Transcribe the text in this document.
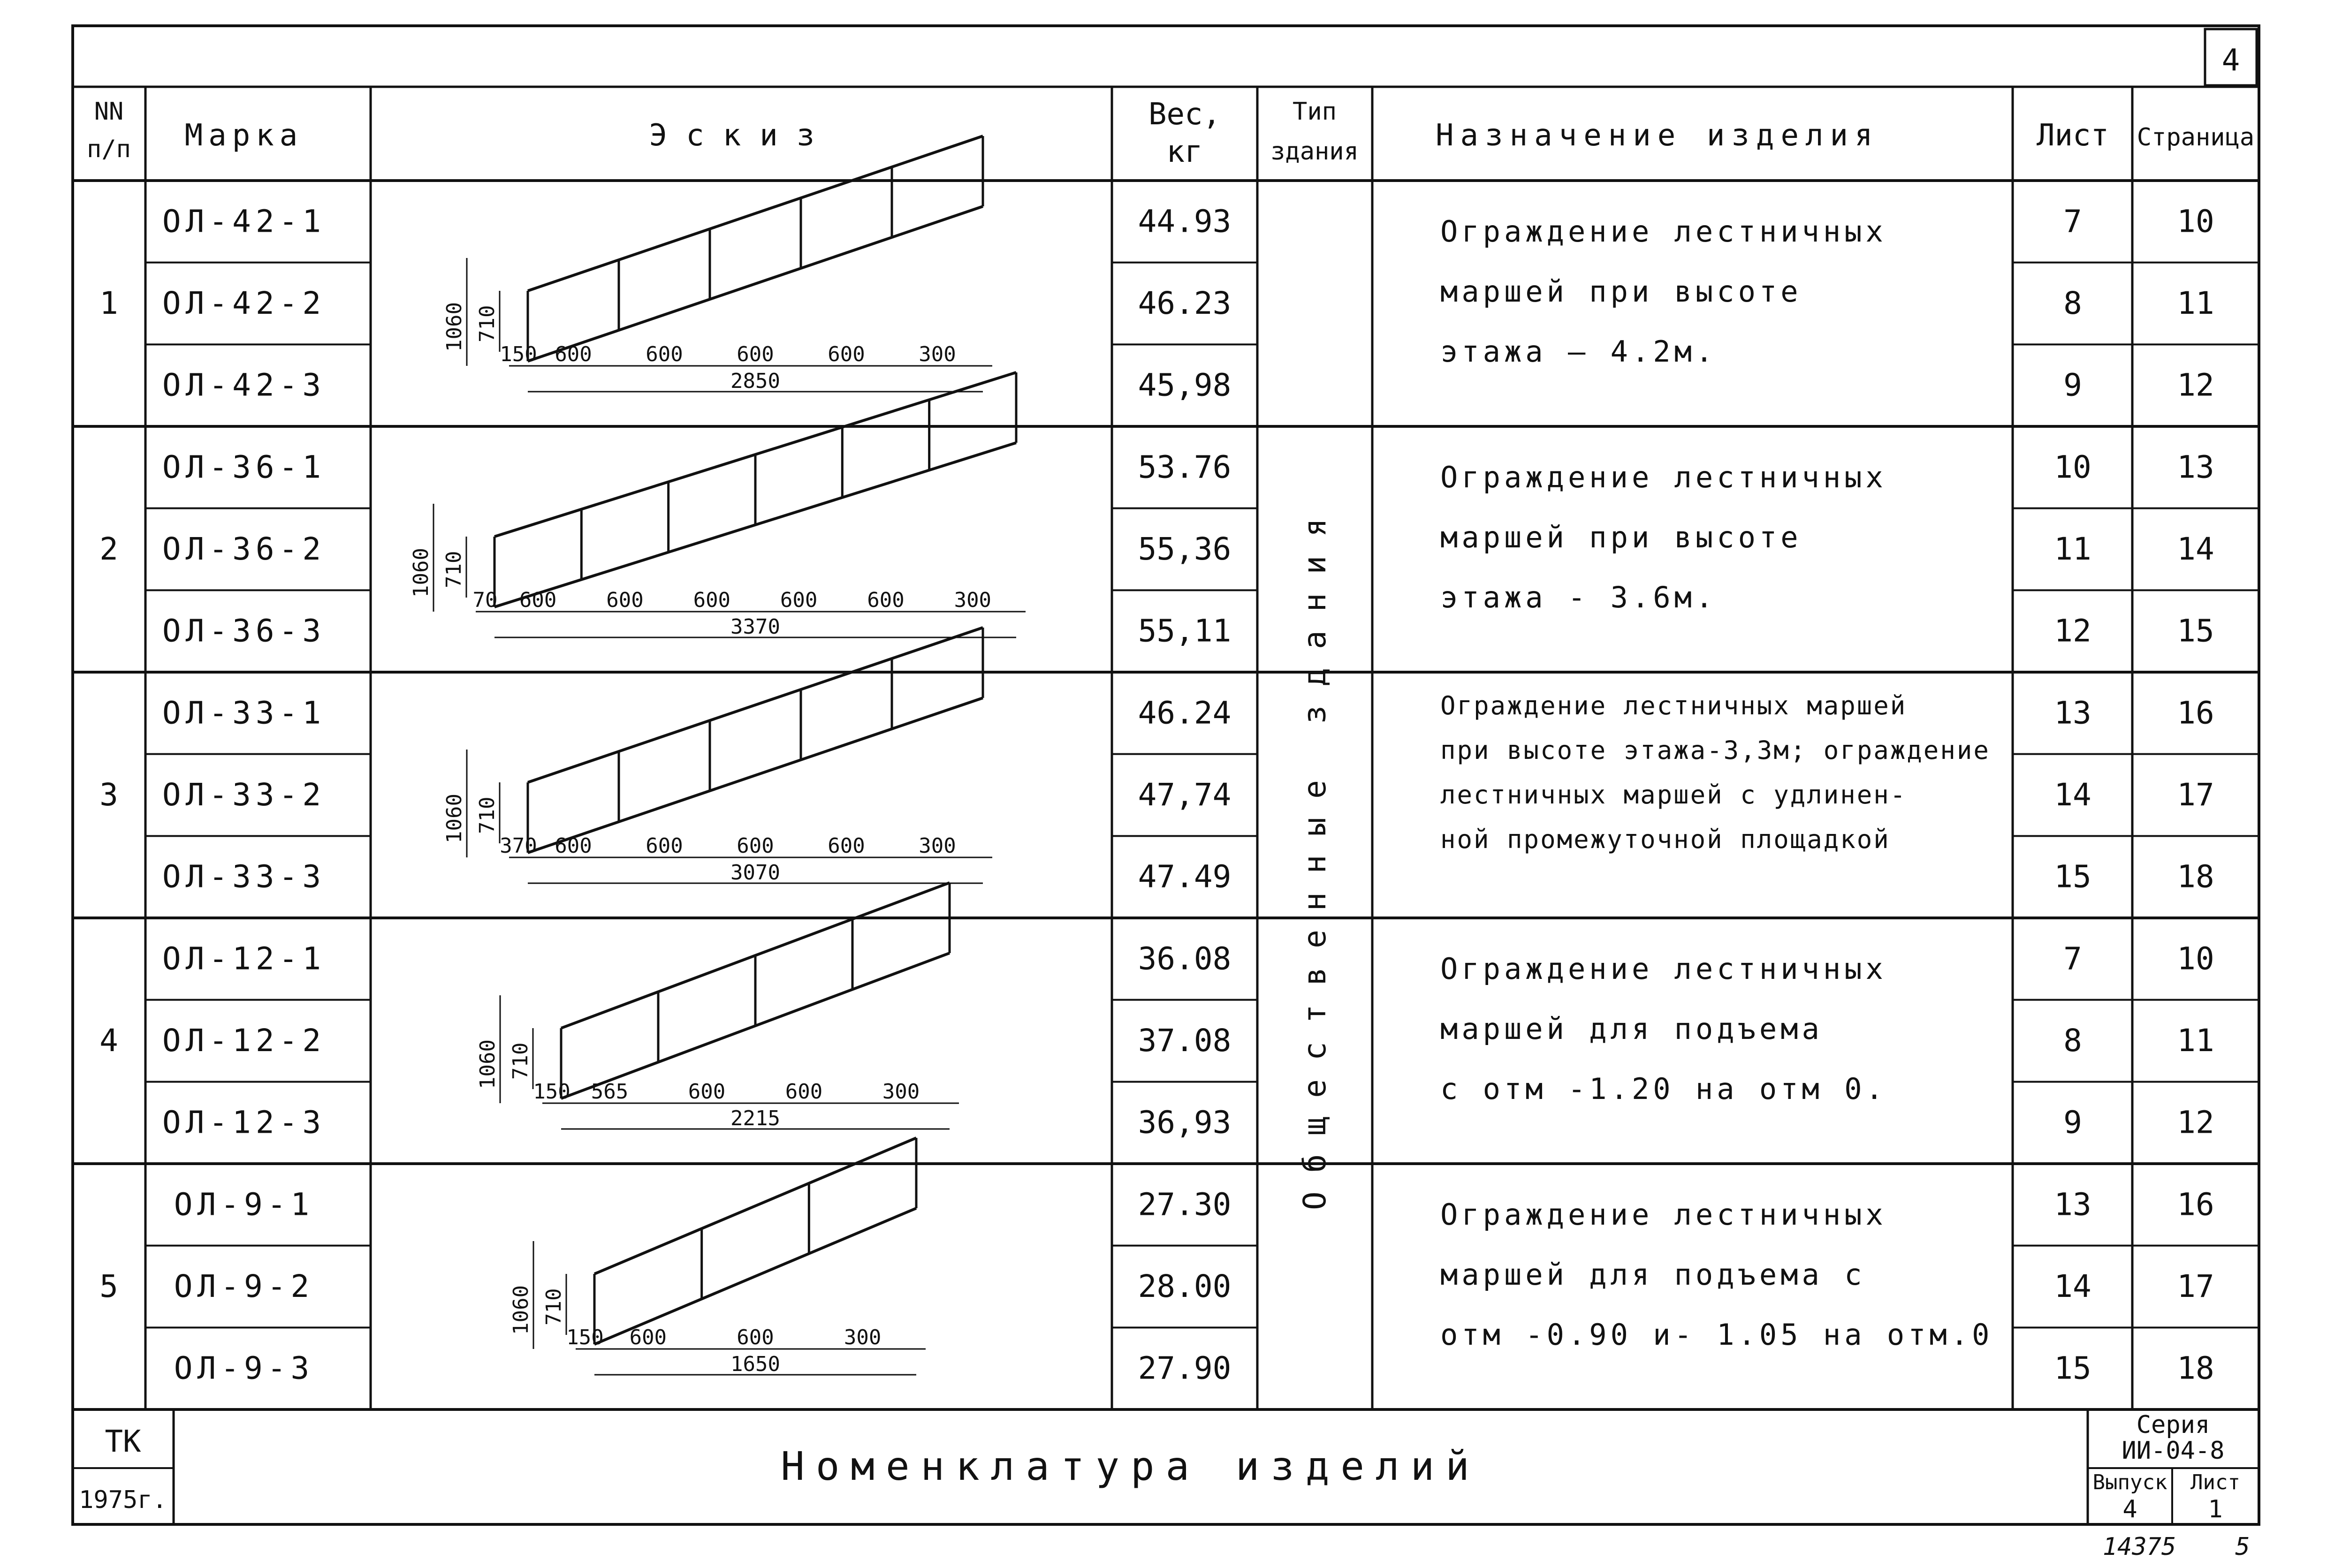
4
NN
п/п Марка	Эскиз
Вес,
кг
Тип
здания	Назначение изделия	Лист Страница
Общественные здания
ТК
1975г.
Номенклатура изделий
Серия
ИИ-04-8
Выпуск
4
Лист
1
14375 5
1
ОЛ-42-1	44.93	7	10
ОЛ-42-2	46.23	8	11
ОЛ-42-3	45,98	9	12
Ограждение лестничных
маршей при высоте
этажа – 4.2м.
150 600	600	600	600	300
2850
1060 710
2
ОЛ-36-1	53.76	10	13
ОЛ-36-2	55,36	11	14
ОЛ-36-3	55,11	12	15
Ограждение лестничных
маршей при высоте
этажа - 3.6м.
70 600 600 600 600 600 300
3370
1060 710
3
ОЛ-33-1	46.24	13	16
ОЛ-33-2	47,74	14	17
ОЛ-33-3	47.49	15	18
Ограждение лестничных маршей
при высоте этажа-3,3м; ограждение
лестничных маршей с удлинен-
ной промежуточной площадкой
370 600	600	600	600	300
3070
1060 710
4
ОЛ-12-1	36.08	7	10
ОЛ-12-2	37.08	8	11
ОЛ-12-3	36,93	9	12
Ограждение лестничных
маршей для подъема
с отм -1.20 на отм 0.
150 565	600	600	300
2215
1060 710
5
ОЛ-9-1	27.30	13	16
ОЛ-9-2	28.00	14	17
ОЛ-9-3	27.90	15	18
Ограждение лестничных
маршей для подъема с
отм -0.90 и- 1.05 на отм.0
150 600	600	300
1650
1060 710
